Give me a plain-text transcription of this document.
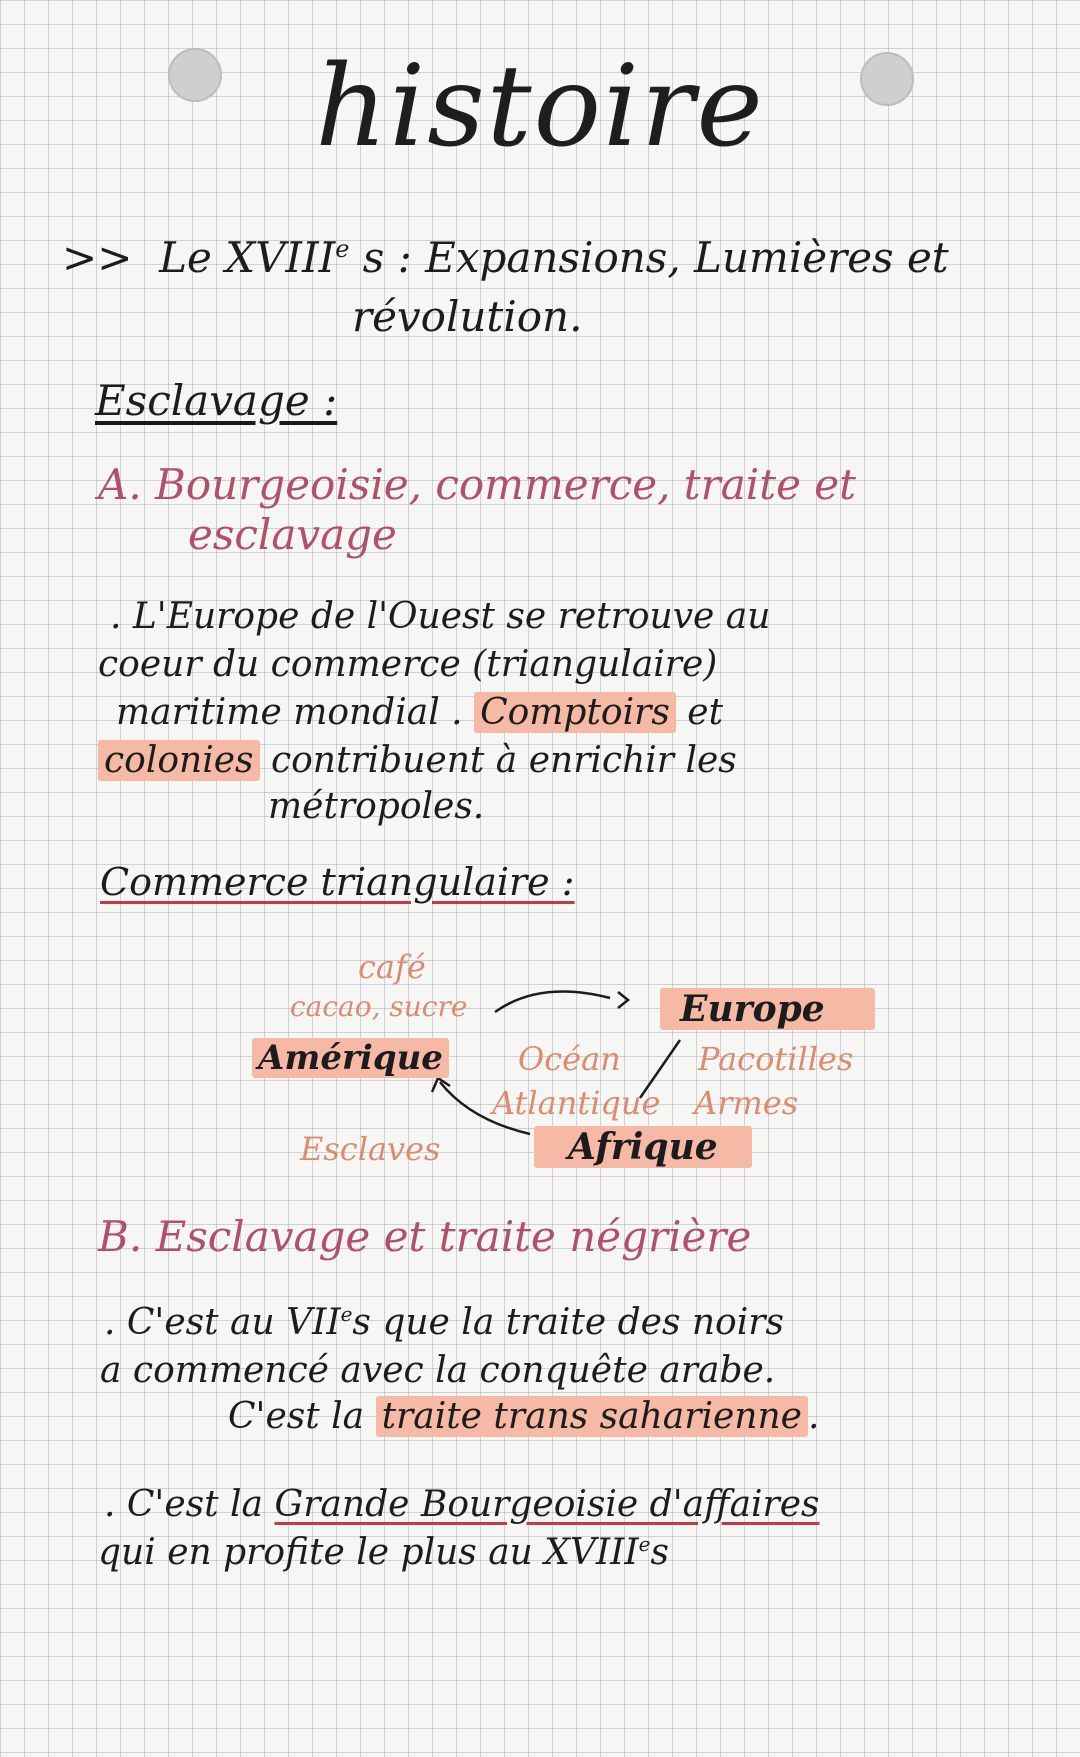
histoire

>> Le XVIIIe s : Expansions, Lumières et
révolution.
Esclavage :
A. Bourgeoisie, commerce, traite et
esclavage
. L'Europe de l'Ouest se retrouve au
coeur du commerce (triangulaire)
maritime mondial . Comptoirs et
colonies contribuent à enrichir les
métropoles.
Commerce triangulaire :
café
cacao, sucre	Europe
Amérique Océan
Atlantique
Pacotilles
Armes
Esclaves	Afrique
B. Esclavage et traite négrière
. C'est au VIIes que la traite des noirs
a commencé avec la conquête arabe.
C'est la traite trans saharienne .
. C'est la Grande Bourgeoisie d'affaires
qui en profite le plus au XVIIIes
